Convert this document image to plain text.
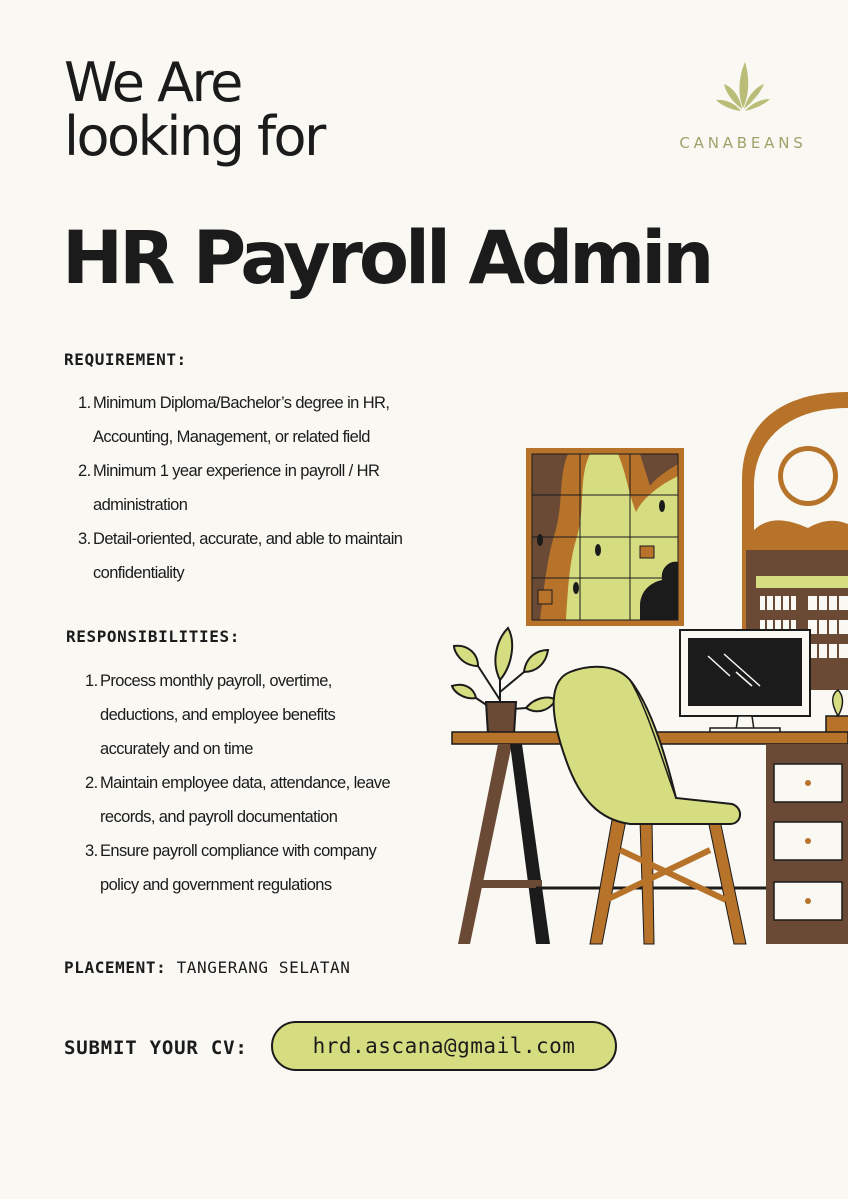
We Are
looking for	CANABEANS
HR Payroll Admin
REQUIREMENT:
1. Minimum Diploma/Bachelor’s degree in HR,
Accounting, Management, or related field
2. Minimum 1 year experience in payroll / HR
administration
3. Detail-oriented, accurate, and able to maintain
confidentiality
RESPONSIBILITIES:
1. Process monthly payroll, overtime,
deductions, and employee benefits
accurately and on time
2. Maintain employee data, attendance, leave
records, and payroll documentation
3. Ensure payroll compliance with company
policy and government regulations

PLACEMENT: TANGERANG SELATAN

SUBMIT YOUR CV:	hrd.ascana@gmail.com
